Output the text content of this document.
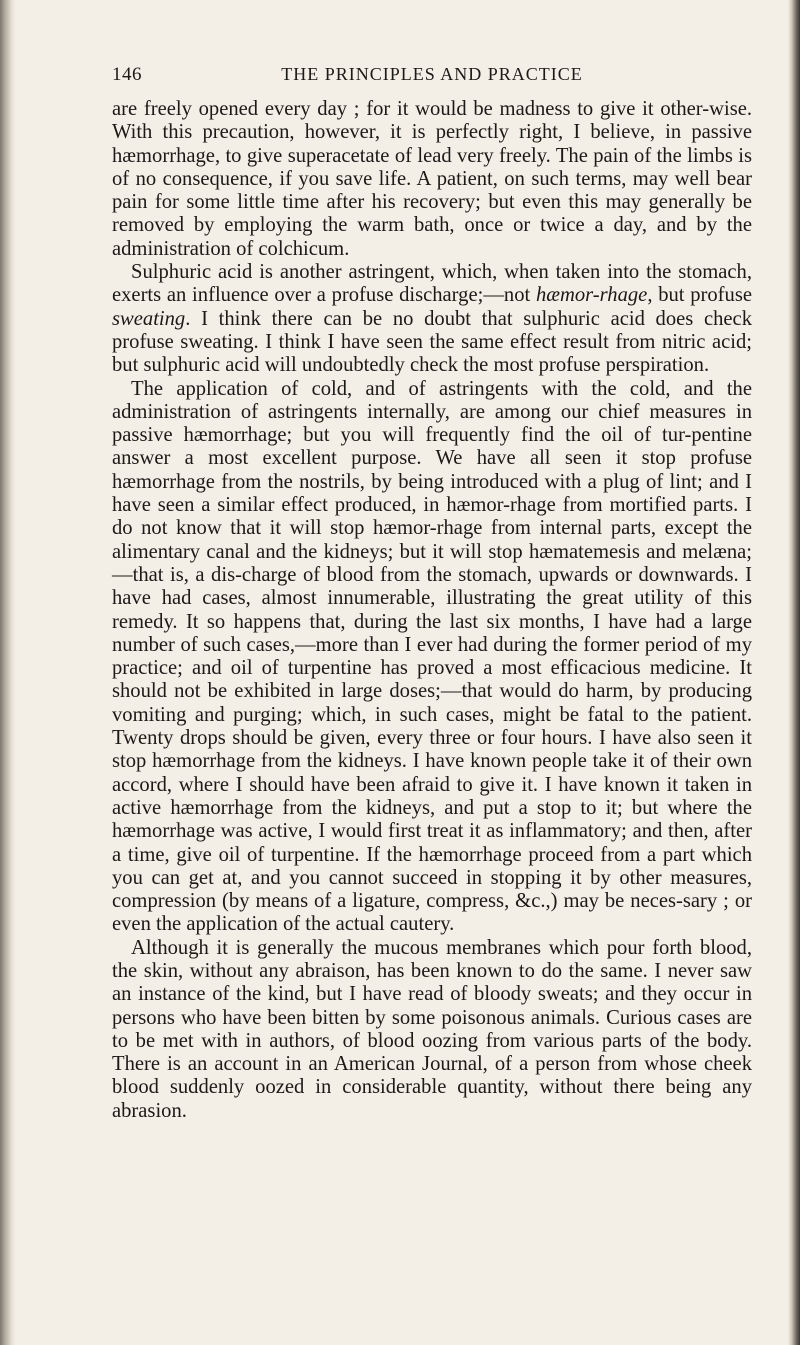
146	THE PRINCIPLES AND PRACTICE

are freely opened every day ; for it would be madness to give it other-wise. With this precaution, however, it is perfectly right, I believe, in passive hæmorrhage, to give superacetate of lead very freely. The pain of the limbs is of no consequence, if you save life. A patient, on such terms, may well bear pain for some little time after his recovery; but even this may generally be removed by employing the warm bath, once or twice a day, and by the administration of colchicum.

Sulphuric acid is another astringent, which, when taken into the stomach, exerts an influence over a profuse discharge;—not hæmor-rhage, but profuse sweating. I think there can be no doubt that sulphuric acid does check profuse sweating. I think I have seen the same effect result from nitric acid; but sulphuric acid will undoubtedly check the most profuse perspiration.

The application of cold, and of astringents with the cold, and the administration of astringents internally, are among our chief measures in passive hæmorrhage; but you will frequently find the oil of tur-pentine answer a most excellent purpose. We have all seen it stop profuse hæmorrhage from the nostrils, by being introduced with a plug of lint; and I have seen a similar effect produced, in hæmor-rhage from mortified parts. I do not know that it will stop hæmor-rhage from internal parts, except the alimentary canal and the kidneys; but it will stop hæmatemesis and melæna;—that is, a dis-charge of blood from the stomach, upwards or downwards. I have had cases, almost innumerable, illustrating the great utility of this remedy. It so happens that, during the last six months, I have had a large number of such cases,—more than I ever had during the former period of my practice; and oil of turpentine has proved a most efficacious medicine. It should not be exhibited in large doses;—that would do harm, by producing vomiting and purging; which, in such cases, might be fatal to the patient. Twenty drops should be given, every three or four hours. I have also seen it stop hæmorrhage from the kidneys. I have known people take it of their own accord, where I should have been afraid to give it. I have known it taken in active hæmorrhage from the kidneys, and put a stop to it; but where the hæmorrhage was active, I would first treat it as inflammatory; and then, after a time, give oil of turpentine. If the hæmorrhage proceed from a part which you can get at, and you cannot succeed in stopping it by other measures, compression (by means of a ligature, compress, &c.,) may be neces-sary ; or even the application of the actual cautery.

Although it is generally the mucous membranes which pour forth blood, the skin, without any abraison, has been known to do the same. I never saw an instance of the kind, but I have read of bloody sweats; and they occur in persons who have been bitten by some poisonous animals. Curious cases are to be met with in authors, of blood oozing from various parts of the body. There is an account in an American Journal, of a person from whose cheek blood suddenly oozed in considerable quantity, without there being any abrasion.
